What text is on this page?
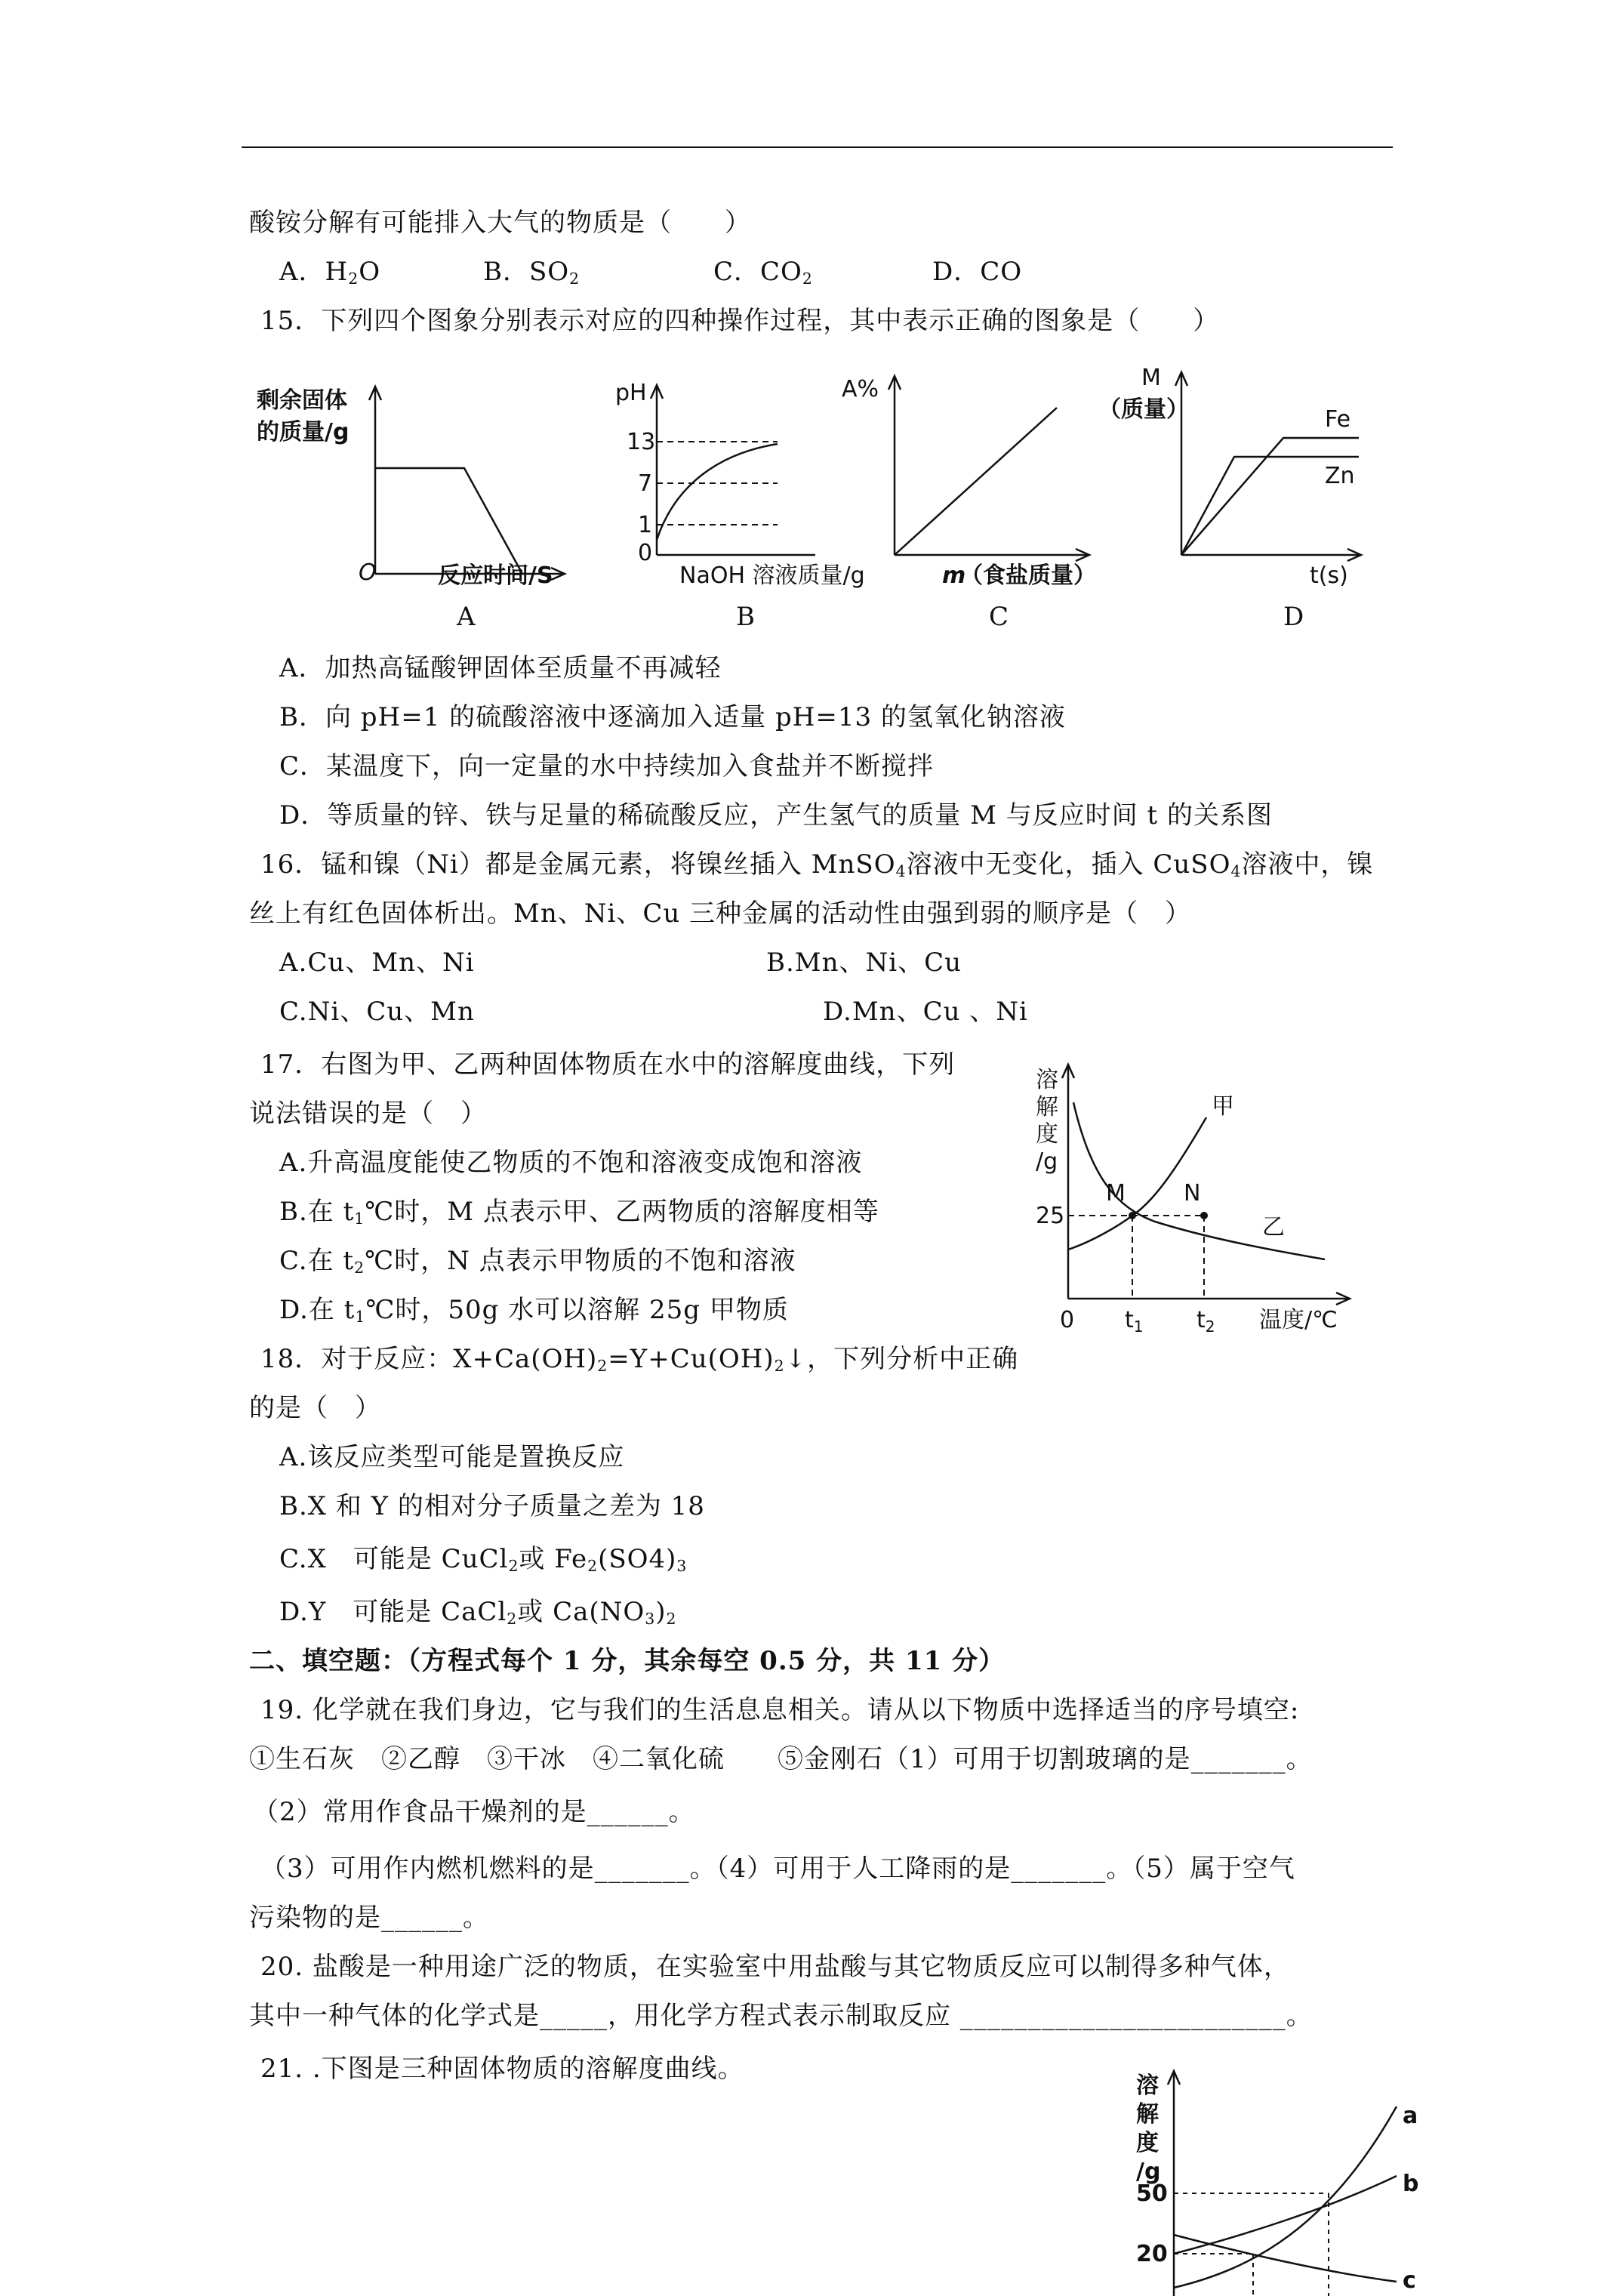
酸铵分解有可能排入大气的物质是（　　）
A．$H_2O$	B．$SO_2$	C．$CO_2$	D．CO
15．下列四个图象分别表示对应的四种操作过程，其中表示正确的图象是（　　）
A．加热高锰酸钾固体至质量不再减轻
B．向 pH=1 的硫酸溶液中逐滴加入适量 pH=13 的氢氧化钠溶液
C．某温度下，向一定量的水中持续加入食盐并不断搅拌
D．等质量的锌、铁与足量的稀硫酸反应，产生氢气的质量 M 与反应时间 t 的关系图
16．锰和镍（Ni）都是金属元素，将镍丝插入 MnSO$_4$溶液中无变化，插入 CuSO$_4$溶液中，镍
丝上有红色固体析出。Mn、Ni、Cu 三种金属的活动性由强到弱的顺序是（　）
A.Cu、Mn、Ni	B.Mn、Ni、Cu
C.Ni、Cu、Mn	D.Mn、Cu 、Ni
17．右图为甲、乙两种固体物质在水中的溶解度曲线，下列
说法错误的是（　）
A.升高温度能使乙物质的不饱和溶液变成饱和溶液
B.在 $t_1℃$时，M 点表示甲、乙两物质的溶解度相等
C.在 $t_2℃$时，N 点表示甲物质的不饱和溶液
D.在 $t_1℃$时，50g 水可以溶解 25g 甲物质
18．对于反应：$X+Ca(OH)_2=Y+Cu(OH)_2↓$，下列分析中正确
的是（　）
A.该反应类型可能是置换反应
B.X 和 Y 的相对分子质量之差为 18
C.X　可能是 CuCl$_2$或 $Fe_2(SO4)_3$
D.Y　可能是 CaCl$_2$或 $Ca(NO_3)_2$
二、填空题：（方程式每个 1 分，其余每空 0.5 分，共 11 分）
19. 化学就在我们身边，它与我们的生活息息相关。请从以下物质中选择适当的序号填空:
①生石灰　②乙醇　③干冰　④二氧化硫　　⑤金刚石（1）可用于切割玻璃的是_______。
（2）常用作食品干燥剂的是______。
（3）可用作内燃机燃料的是_______。（4）可用于人工降雨的是_______。（5）属于空气
污染物的是______。
20. 盐酸是一种用途广泛的物质，在实验室中用盐酸与其它物质反应可以制得多种气体，
其中一种气体的化学式是_____，用化学方程式表示制取反应 ________________________。
21. .下图是三种固体物质的溶解度曲线。
剩余固体
的质量/g
O	反应时间/S
A
pH
13
7
1
0
NaOH 溶液质量/g
B
A%
m
（食盐质量）
C
M
（质量）	Fe
Zn
t(s)
D
溶
解
度
/g
甲
乙
M	N
25
0 $t_1$ $t_2$ 温度/℃
溶
解
度
/g
50
20
a
b
c
